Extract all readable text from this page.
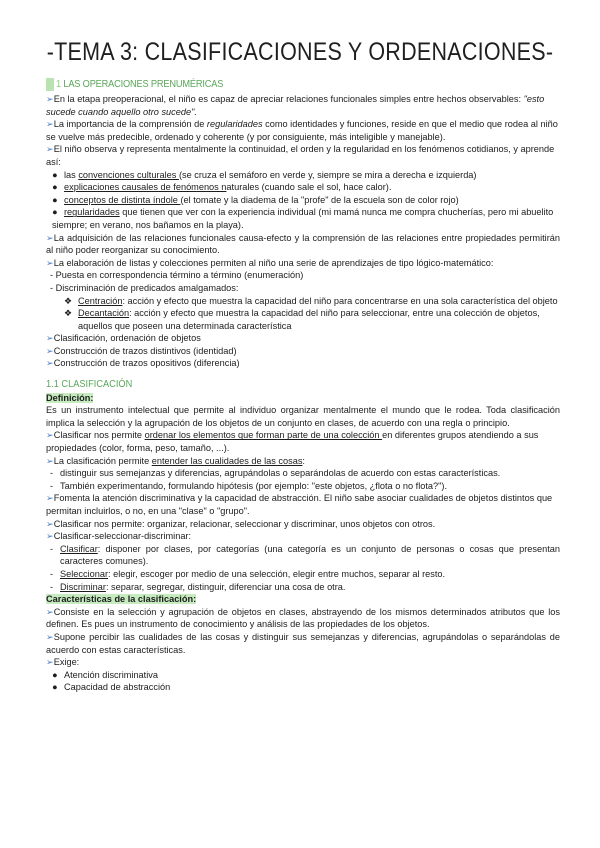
-TEMA 3: CLASIFICACIONES Y ORDENACIONES-
1 LAS OPERACIONES PRENUMÉRICAS

➢En la etapa preoperacional, el niño es capaz de apreciar relaciones funcionales simples entre hechos observables: "esto sucede cuando aquello otro sucede".

➢La importancia de la comprensión de regularidades como identidades y funciones, reside en que el medio que rodea al niño se vuelve más predecible, ordenado y coherente (y por consiguiente, más inteligible y manejable).

➢El niño observa y representa mentalmente la continuidad, el orden y la regularidad en los fenómenos cotidianos, y aprende así:

● las convenciones culturales (se cruza el semáforo en verde y, siempre se mira a derecha e izquierda)

● explicaciones causales de fenómenos naturales (cuando sale el sol, hace calor).

● conceptos de distinta índole (el tomate y la diadema de la "profe" de la escuela son de color rojo)

● regularidades que tienen que ver con la experiencia individual (mi mamá nunca me compra chucherías, pero mi abuelito siempre; en verano, nos bañamos en la playa).

➢La adquisición de las relaciones funcionales causa-efecto y la comprensión de las relaciones entre propiedades permitirán al niño poder reorganizar su conocimiento.

➢La elaboración de listas y colecciones permiten al niño una serie de aprendizajes de tipo lógico-matemático:

- Puesta en correspondencia término a término (enumeración)

- Discriminación de predicados amalgamados:

❖ Centración: acción y efecto que muestra la capacidad del niño para concentrarse en una sola característica del objeto
❖ Decantación: acción y efecto que muestra la capacidad del niño para seleccionar, entre una colección de objetos, aquellos que poseen una determinada característica

➢Clasificación, ordenación de objetos

➢Construcción de trazos distintivos (identidad)

➢Construcción de trazos opositivos (diferencia)

1.1 CLASIFICACIÓN

Definición:

Es un instrumento intelectual que permite al individuo organizar mentalmente el mundo que le rodea. Toda clasificación implica la selección y la agrupación de los objetos de un conjunto en clases, de acuerdo con una regla o principio.

➢Clasificar nos permite ordenar los elementos que forman parte de una colección en diferentes grupos atendiendo a sus propiedades (color, forma, peso, tamaño, ...).

➢La clasificación permite entender las cualidades de las cosas:

- distinguir sus semejanzas y diferencias, agrupándolas o separándolas de acuerdo con estas características.
- También experimentando, formulando hipótesis (por ejemplo: "este objetos, ¿flota o no flota?").

➢Fomenta la atención discriminativa y la capacidad de abstracción. El niño sabe asociar cualidades de objetos distintos que permitan incluirlos, o no, en una "clase" o "grupo".

➢Clasificar nos permite: organizar, relacionar, seleccionar y discriminar, unos objetos con otros.

➢Clasificar-seleccionar-discriminar:

- Clasificar: disponer por clases, por categorías (una categoría es un conjunto de personas o cosas que presentan caracteres comunes).
- Seleccionar: elegir, escoger por medio de una selección, elegir entre muchos, separar al resto.
- Discriminar: separar, segregar, distinguir, diferenciar una cosa de otra.

Características de la clasificación:

➢Consiste en la selección y agrupación de objetos en clases, abstrayendo de los mismos determinados atributos que los definen. Es pues un instrumento de conocimiento y análisis de las propiedades de los objetos.

➢Supone percibir las cualidades de las cosas y distinguir sus semejanzas y diferencias, agrupándolas o separándolas de acuerdo con estas características.

➢Exige:

● Atención discriminativa

● Capacidad de abstracción
